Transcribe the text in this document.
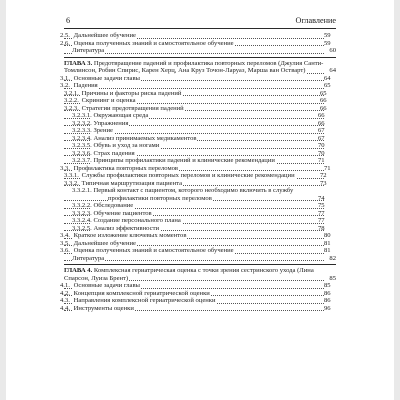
6	Оглавление
2.5. Дальнейшее обучение	59
2.6. Оценка полученных знаний и самостоятельное обучение	59
Литература	60
ГЛАВА 3. Предотвращение падений и профилактика повторных переломов (Джулия Санти-Томлинсон, Робин Спирис, Карен Херц, Ана Круз Точон-Ларуаз, Марша ван Остварт)	64
3.1. Основные задачи главы	64
3.2. Падения	65
3.2.1. Причины и факторы риска падений	65
3.2.2. Скрининг и оценка	66
3.2.3. Стратегии предотвращения падений	66
3.2.3.1. Окружающая среда	66
3.2.3.2. Упражнения	66
3.2.3.3. Зрение	67
3.2.3.4. Анализ принимаемых медикаментов	67
3.2.3.5. Обувь и уход за ногами	70
3.2.3.6. Страх падения	70
3.2.3.7. Принципы профилактики падений и клинические рекомендации	71
3.3. Профилактика повторных переломов	71
3.3.1. Службы профилактики повторных переломов и клинические рекомендации	72
3.3.2. Типичная маршрутизация пациента	73
3.3.2.1. Первый контакт с пациентом, которого необходимо включить в службу профилактики повторных переломов	74
3.3.2.2. Обследование	75
3.3.2.3. Обучение пациентов	77
3.3.2.4. Создание персонального плана	77
3.3.2.5. Анализ эффективности	78
3.4. Краткое изложение ключевых моментов	80
3.5. Дальнейшее обучение	81
3.6. Оценка полученных знаний и самостоятельное обучение	81
Литература	82
ГЛАВА 4. Комплексная гериатрическая оценка с точки зрения сестринского ухода (Лина Спарсон, Луиза Брент)	85
4.1. Основные задачи главы	85
4.2. Концепция комплексной гериатрической оценки	86
4.3. Направления комплексной гериатрической оценки	86
4.4. Инструменты оценки	96
